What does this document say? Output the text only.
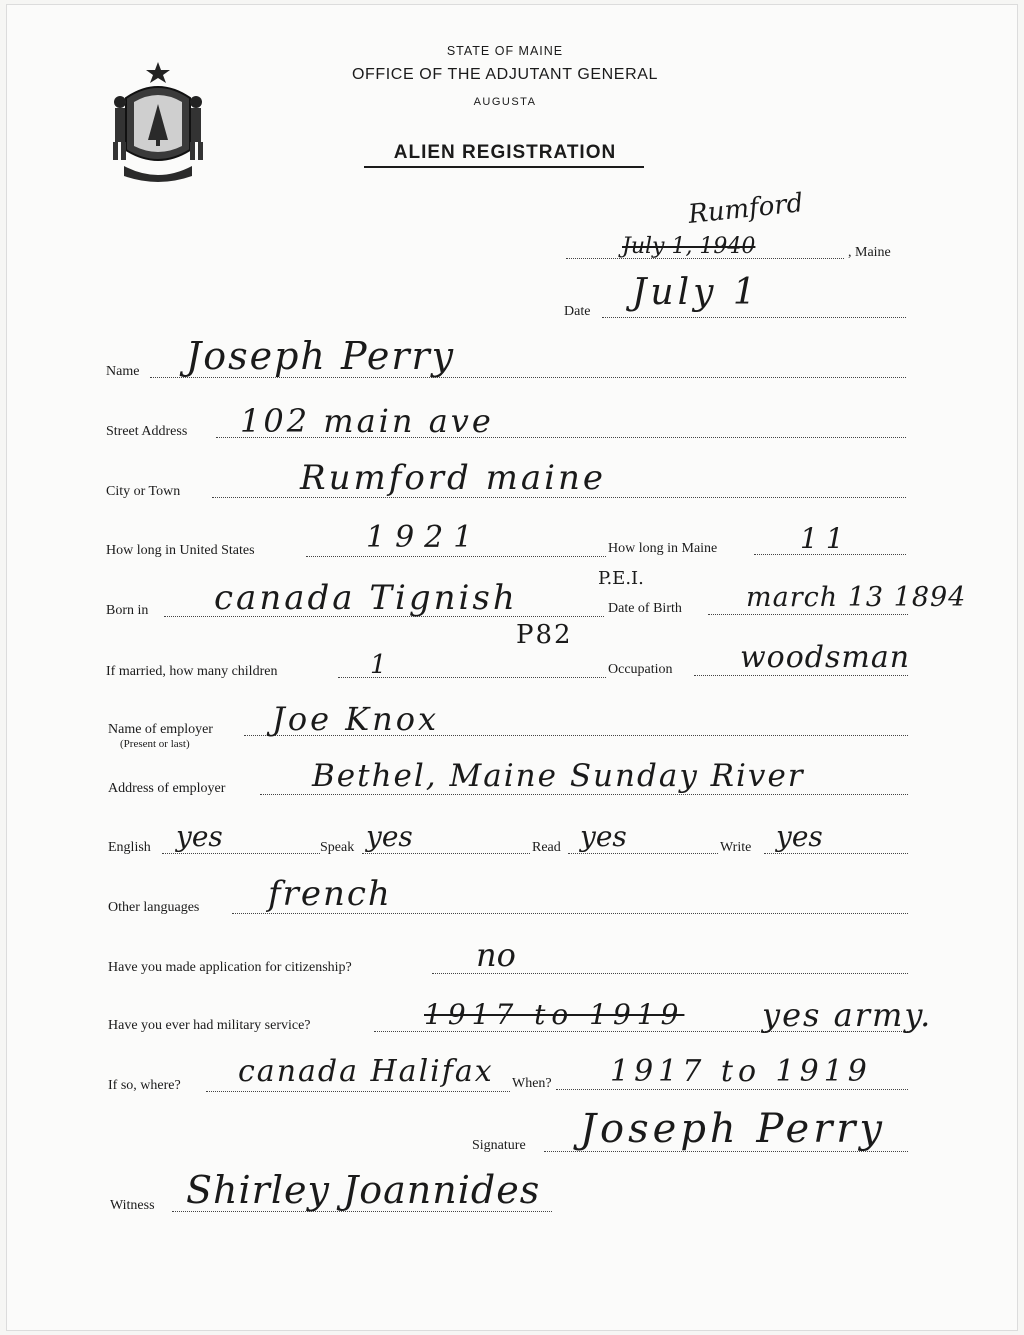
STATE OF MAINE
OFFICE OF THE ADJUTANT GENERAL
AUGUSTA
ALIEN REGISTRATION
, Maine
July 1, 1940
Rumford
Date July 1
Name Joseph Perry
Street Address 102 main ave
City or Town	Rumford maine
How long in United States	1921	How long in Maine	11
Born in canada Tignish	P.E.I.
P82
Date of Birth march 13 1894
If married, how many children	1	Occupation woodsman
Name of employer
(Present or last)
Joe Knox
Address of employer	Bethel, Maine Sunday River
English yes	Speak yes	Read yes	Write yes
Other languages french
Have you made application for citizenship?	no
Have you ever had military service?	1917 to 1919 yes army.
If so, where? canada Halifax When? 1917 to 1919
Signature Joseph Perry
Witness Shirley Joannides
